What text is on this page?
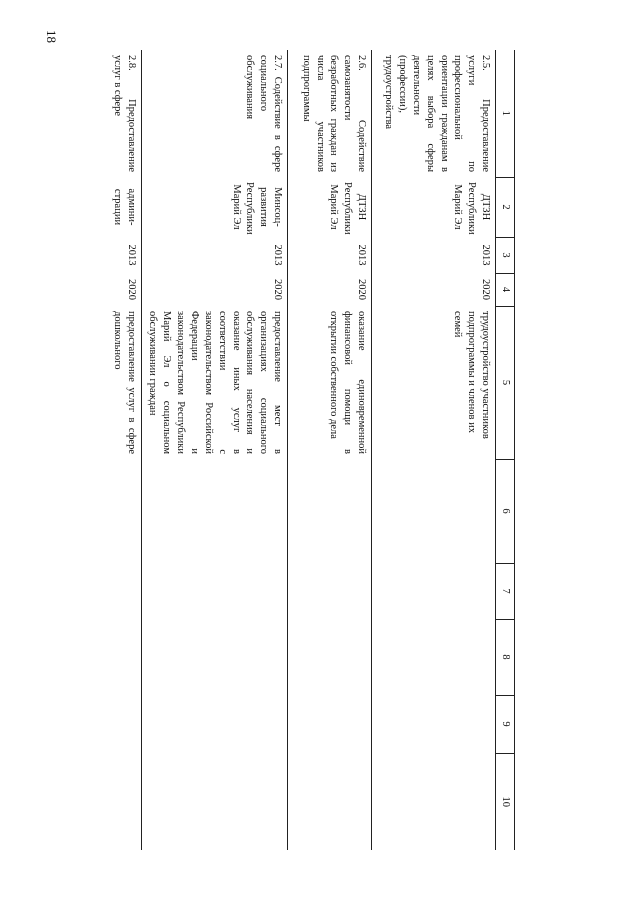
18
1	2	3	4	5	6	7	8	9	10
2.5. Предоставление услуги по профессиональной ориентации гражданам в целях выбора сферы деятельности (профессии), трудоустройства	ДТЗН Республики Марий Эл	2013	2020	трудоустройство участников подпрограммы и членов их семей					
2.6. Содействие самозанятости безработных граждан из числа участников подпрограммы	ДТЗН Республики Марий Эл	2013	2020	оказание единовременной финансовой помощи в открытии собственного дела					
2.7. Содействие в сфере социального обслуживания	Минсоц- развития Республики Марий Эл	2013	2020	предоставление мест в организациях социального обслуживания населения и оказание иных услуг в соответствии с законодательством Российской Федерации и законодательством Республики Марий Эл о социальном обслуживании граждан					
2.8. Предоставление услуг в сфере	админи- страции	2013	2020	предоставление услуг в сфере дошкольного					
